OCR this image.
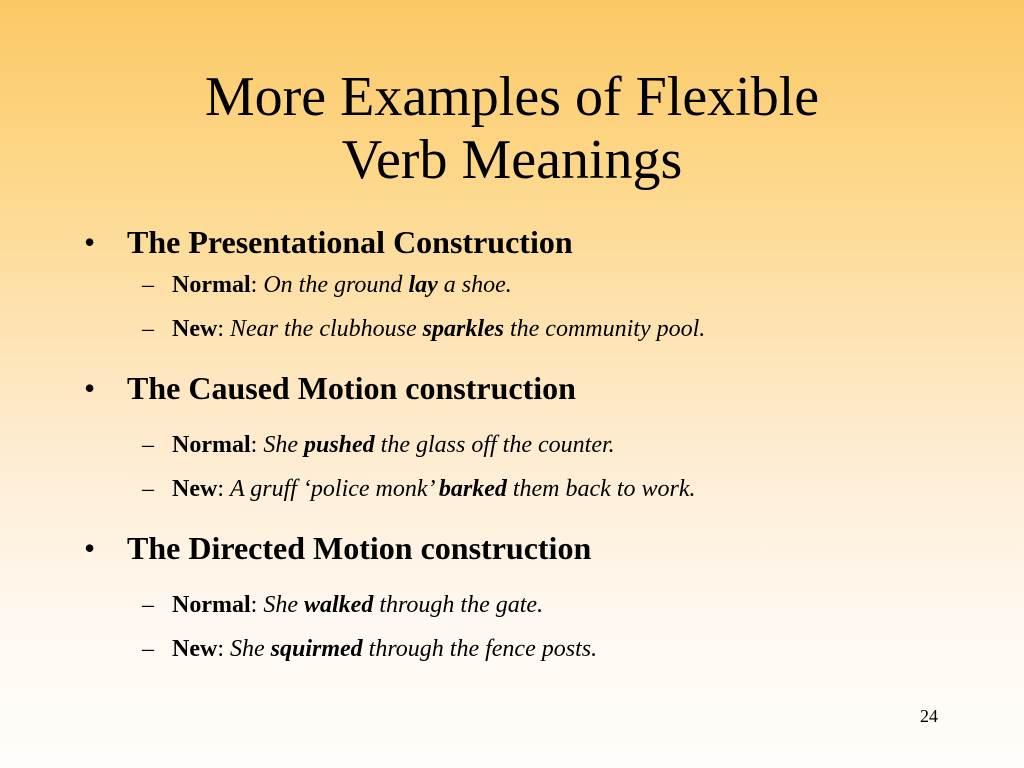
More Examples of Flexible
Verb Meanings
• The Presentational Construction
– Normal: On the ground lay a shoe.
– New: Near the clubhouse sparkles the community pool.
• The Caused Motion construction
– Normal: She pushed the glass off the counter.
– New: A gruff ‘police monk’ barked them back to work.
• The Directed Motion construction
– Normal: She walked through the gate.
– New: She squirmed through the fence posts.
24
